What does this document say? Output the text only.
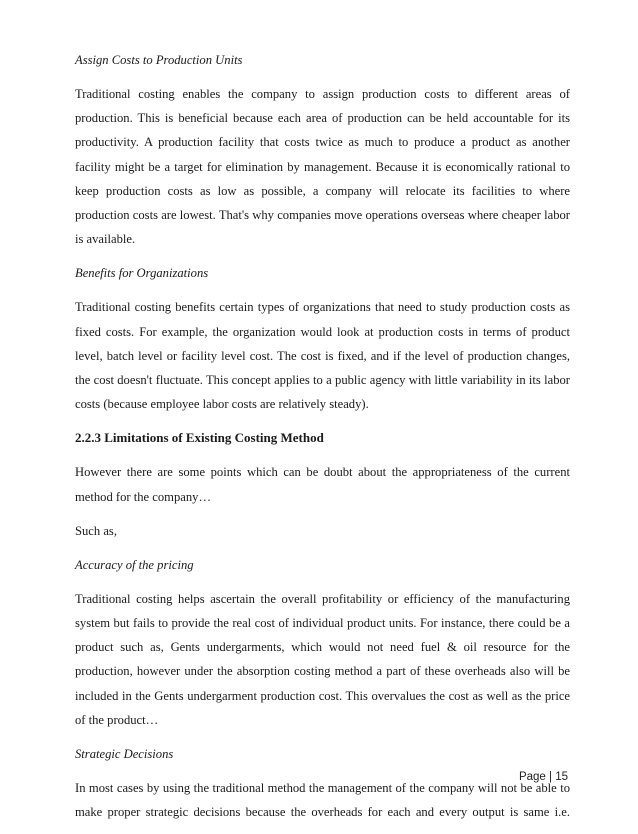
Assign Costs to Production Units

Traditional costing enables the company to assign production costs to different areas of production. This is beneficial because each area of production can be held accountable for its productivity. A production facility that costs twice as much to produce a product as another facility might be a target for elimination by management. Because it is economically rational to keep production costs as low as possible, a company will relocate its facilities to where production costs are lowest. That's why companies move operations overseas where cheaper labor is available.

Benefits for Organizations

Traditional costing benefits certain types of organizations that need to study production costs as fixed costs. For example, the organization would look at production costs in terms of product level, batch level or facility level cost. The cost is fixed, and if the level of production changes, the cost doesn't fluctuate. This concept applies to a public agency with little variability in its labor costs (because employee labor costs are relatively steady).

2.2.3 Limitations of Existing Costing Method

However there are some points which can be doubt about the appropriateness of the current method for the company…

Such as,

Accuracy of the pricing

Traditional costing helps ascertain the overall profitability or efficiency of the manufacturing system but fails to provide the real cost of individual product units. For instance, there could be a product such as, Gents undergarments, which would not need fuel & oil resource for the production, however under the absorption costing method a part of these overheads also will be included in the Gents undergarment production cost. This overvalues the cost as well as the price of the product…

Strategic Decisions

In most cases by using the traditional method the management of the company will not be able to make proper strategic decisions because the overheads for each and every output is same i.e.

Page | 15
